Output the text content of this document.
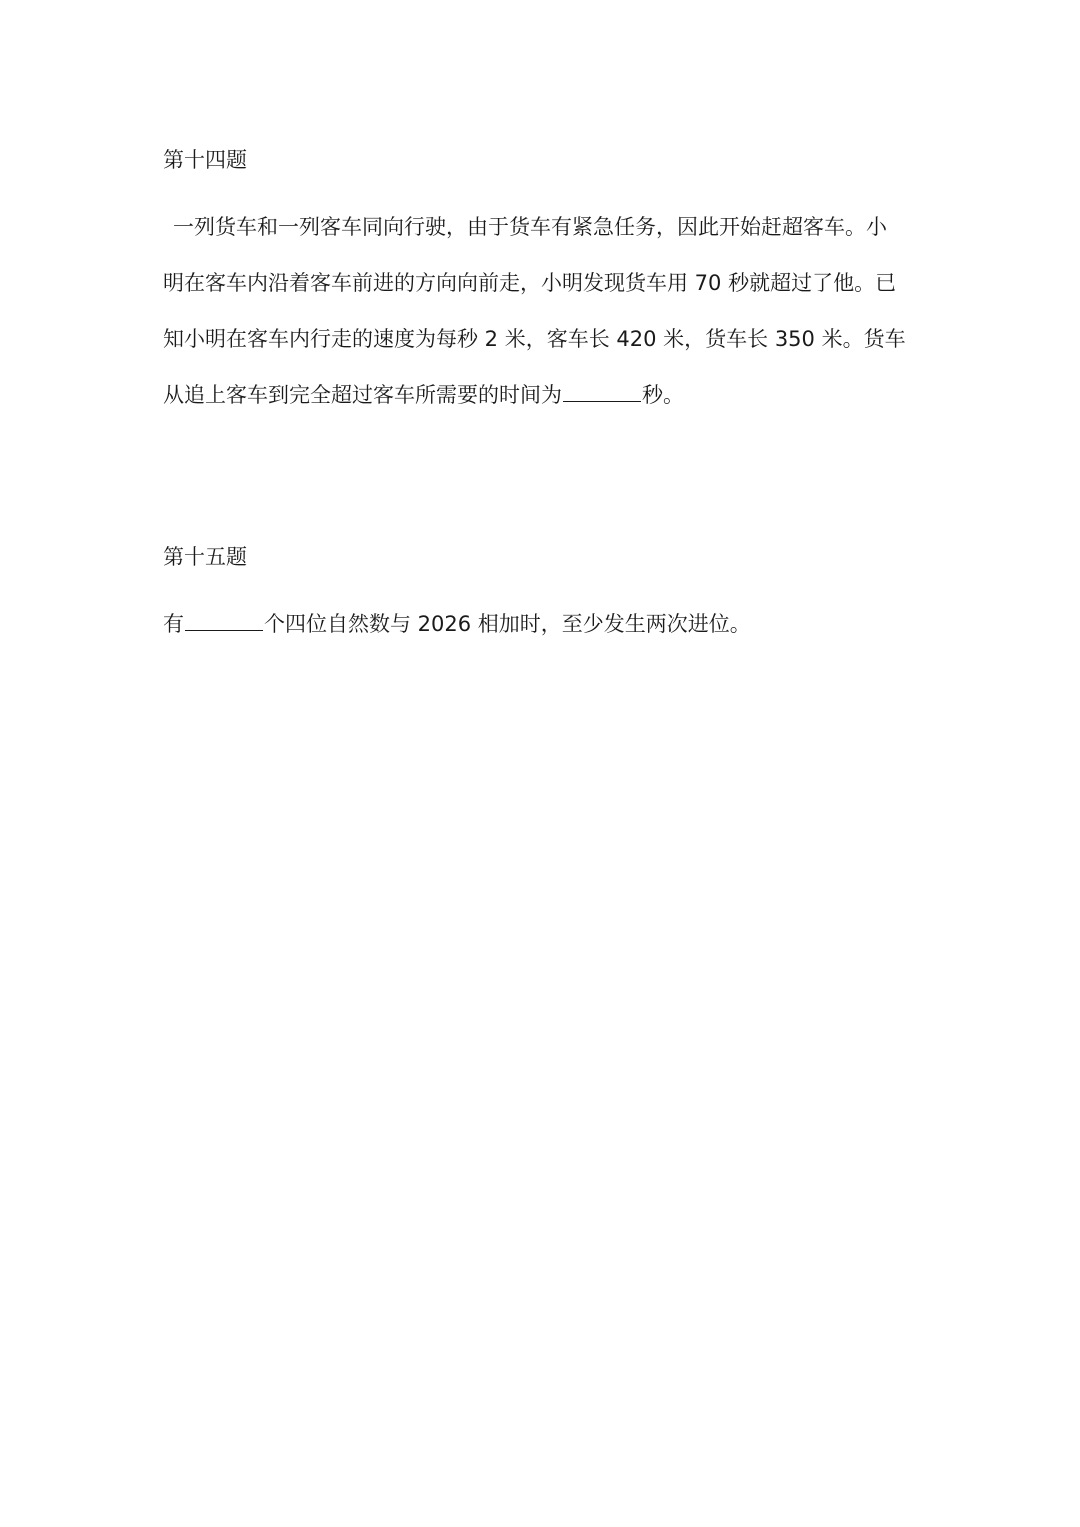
第十四题

一列货车和一列客车同向行驶，由于货车有紧急任务，因此开始赶超客车。小

明在客车内沿着客车前进的方向向前走，小明发现货车用 70 秒就超过了他。已

知小明在客车内行走的速度为每秒 2 米，客车长 420 米，货车长 350 米。货车

从追上客车到完全超过客车所需要的时间为	秒。

第十五题

有	个四位自然数与 2026 相加时，至少发生两次进位。
